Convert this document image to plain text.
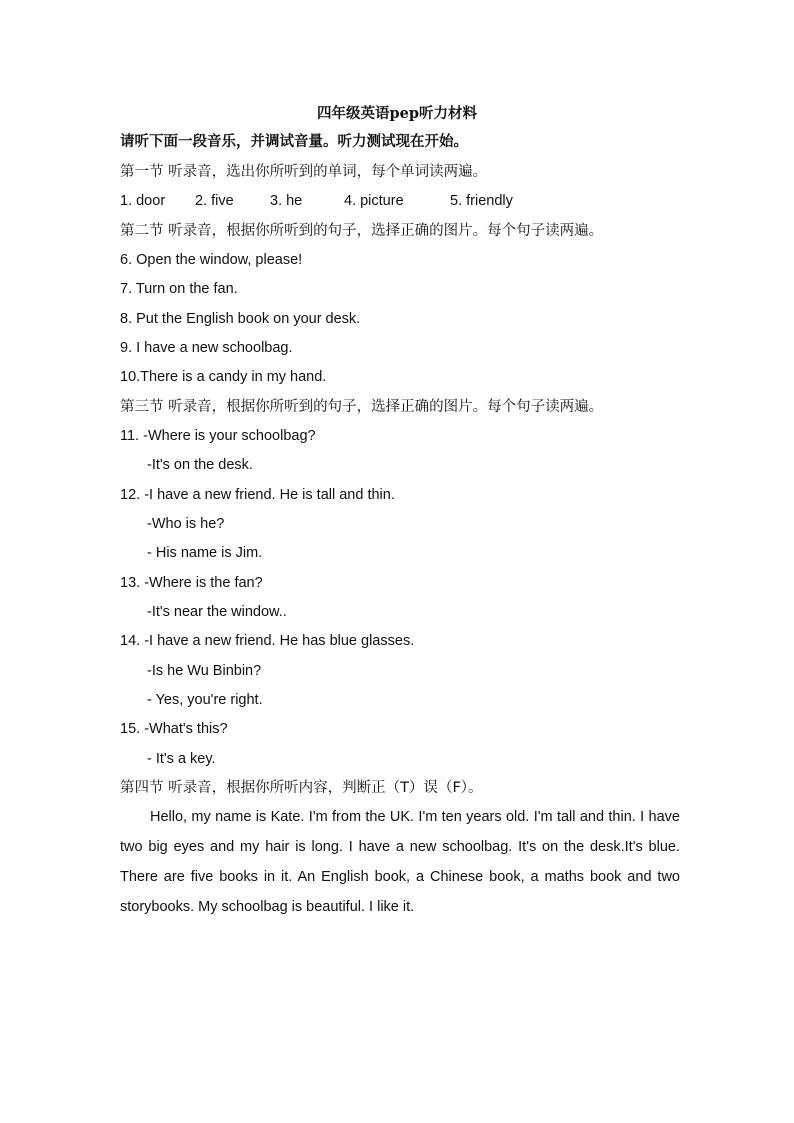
四年级英语pep听力材料
请听下面一段音乐，并调试音量。听力测试现在开始。
第一节 听录音，选出你所听到的单词，每个单词读两遍。
1. door 2. five	3. he	4. picture	5. friendly
第二节 听录音，根据你所听到的句子，选择正确的图片。每个句子读两遍。
6. Open the window, please!
7. Turn on the fan.
8. Put the English book on your desk.
9. I have a new schoolbag.
10.There is a candy in my hand.
第三节 听录音，根据你所听到的句子，选择正确的图片。每个句子读两遍。
11. -Where is your schoolbag?
-It's on the desk.
12. -I have a new friend. He is tall and thin.
-Who is he?
- His name is Jim.
13. -Where is the fan?
-It's near the window..
14. -I have a new friend. He has blue glasses.
-Is he Wu Binbin?
- Yes, you're right.
15. -What's this?
- It's a key.
第四节 听录音，根据你所听内容，判断正（T）误（F）。
Hello, my name is Kate. I'm from the UK. I'm ten years old. I'm tall and thin. I have two big eyes and my hair is long. I have a new schoolbag. It's on the desk.It's blue. There are five books in it. An English book, a Chinese book, a maths book and two storybooks. My schoolbag is beautiful. I like it.
